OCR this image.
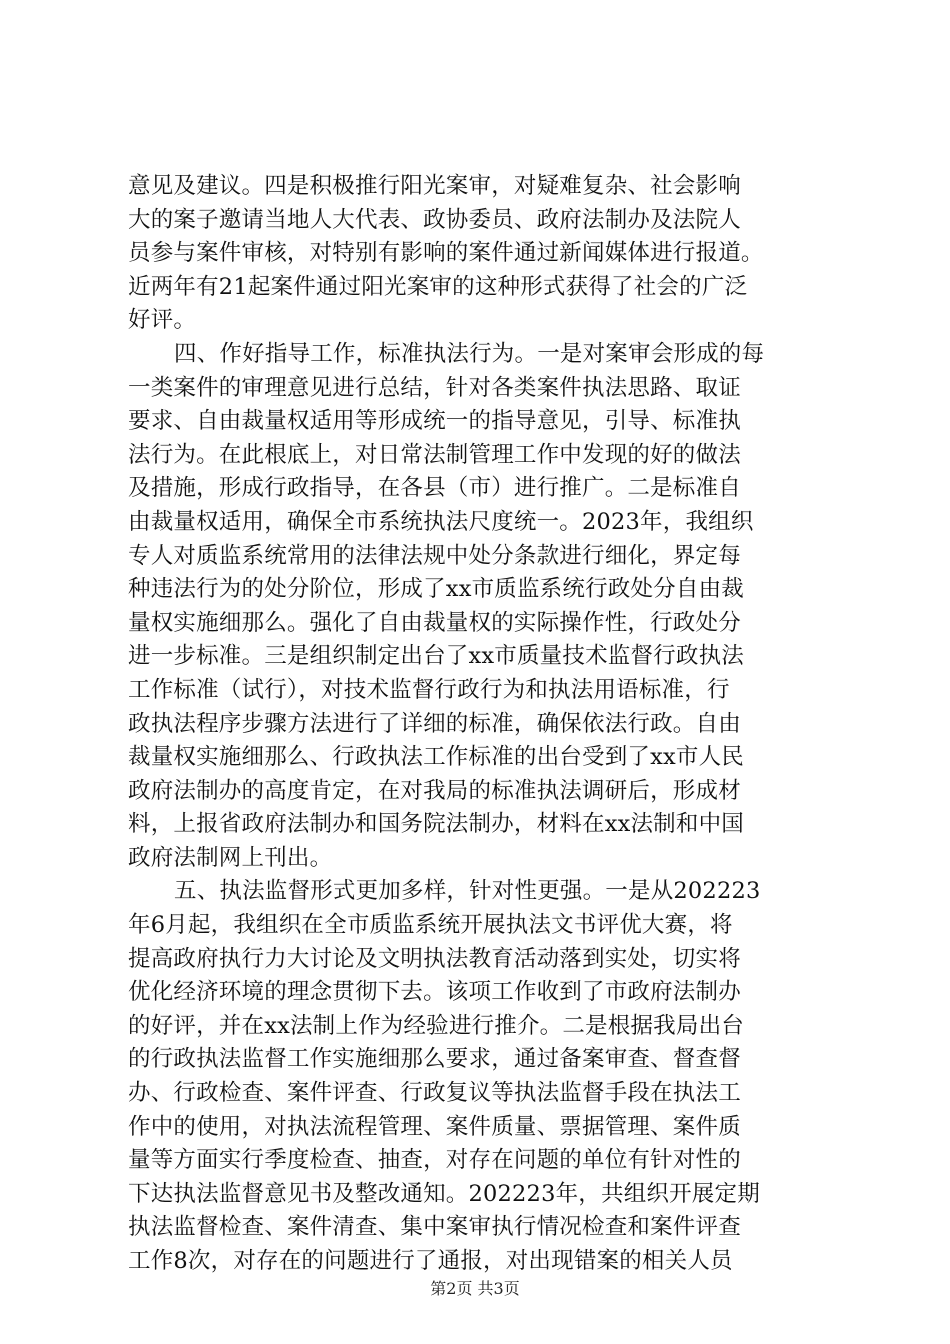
意见及建议。四是积极推行阳光案审，对疑难复杂、社会影响
大的案子邀请当地人大代表、政协委员、政府法制办及法院人
员参与案件审核，对特别有影响的案件通过新闻媒体进行报道。
近两年有21起案件通过阳光案审的这种形式获得了社会的广泛
好评。
四、作好指导工作，标准执法行为。一是对案审会形成的每
一类案件的审理意见进行总结，针对各类案件执法思路、取证
要求、自由裁量权适用等形成统一的指导意见，引导、标准执
法行为。在此根底上，对日常法制管理工作中发现的好的做法
及措施，形成行政指导，在各县（市）进行推广。二是标准自
由裁量权适用，确保全市系统执法尺度统一。2023年，我组织
专人对质监系统常用的法律法规中处分条款进行细化，界定每
种违法行为的处分阶位，形成了xx市质监系统行政处分自由裁
量权实施细那么。强化了自由裁量权的实际操作性，行政处分
进一步标准。三是组织制定出台了xx市质量技术监督行政执法
工作标准（试行），对技术监督行政行为和执法用语标准，行
政执法程序步骤方法进行了详细的标准，确保依法行政。自由
裁量权实施细那么、行政执法工作标准的出台受到了xx市人民
政府法制办的高度肯定，在对我局的标准执法调研后，形成材
料，上报省政府法制办和国务院法制办，材料在xx法制和中国
政府法制网上刊出。
五、执法监督形式更加多样，针对性更强。一是从202223
年6月起，我组织在全市质监系统开展执法文书评优大赛，将
提高政府执行力大讨论及文明执法教育活动落到实处，切实将
优化经济环境的理念贯彻下去。该项工作收到了市政府法制办
的好评，并在xx法制上作为经验进行推介。二是根据我局出台
的行政执法监督工作实施细那么要求，通过备案审查、督查督
办、行政检查、案件评查、行政复议等执法监督手段在执法工
作中的使用，对执法流程管理、案件质量、票据管理、案件质
量等方面实行季度检查、抽查，对存在问题的单位有针对性的
下达执法监督意见书及整改通知。202223年，共组织开展定期
执法监督检查、案件清查、集中案审执行情况检查和案件评查
工作8次，对存在的问题进行了通报，对出现错案的相关人员
第2页 共3页
